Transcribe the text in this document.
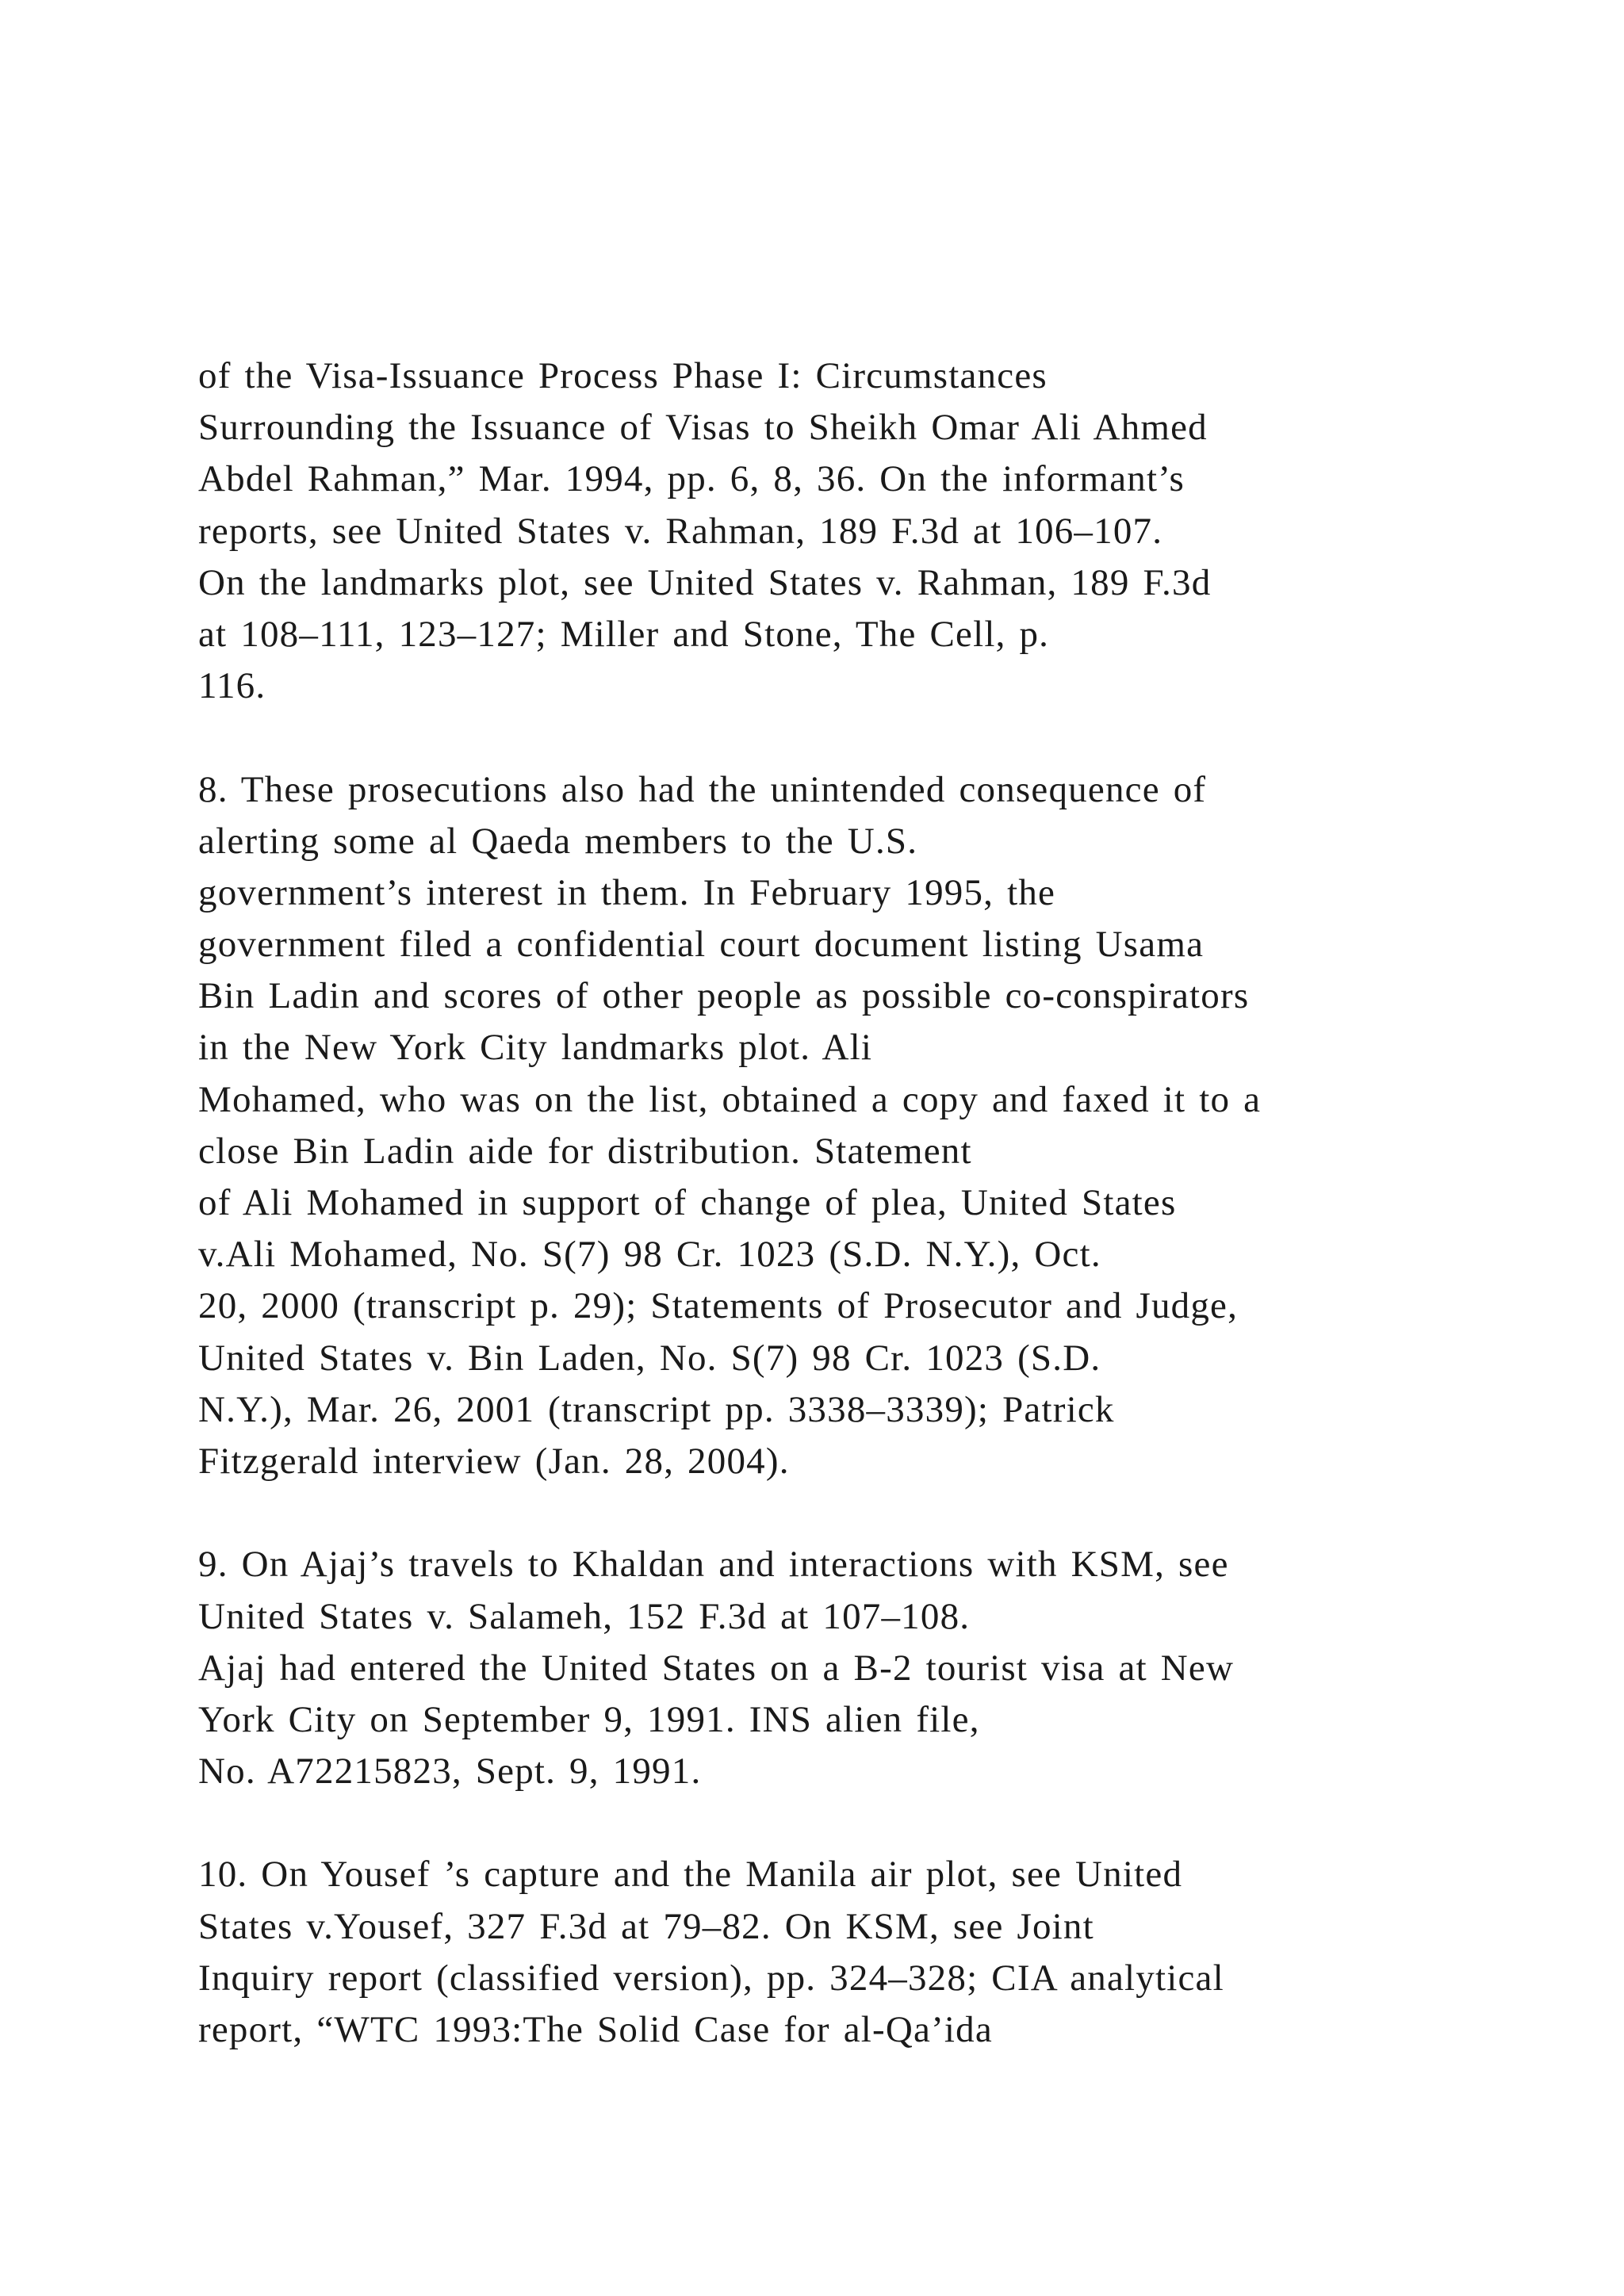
of the Visa-Issuance Process Phase I: Circumstances
Surrounding the Issuance of Visas to Sheikh Omar Ali Ahmed
Abdel Rahman,” Mar. 1994, pp. 6, 8, 36. On the informant’s
reports, see United States v. Rahman, 189 F.3d at 106–107.
On the landmarks plot, see United States v. Rahman, 189 F.3d
at 108–111, 123–127; Miller and Stone, The Cell, p.
116.
8. These prosecutions also had the unintended consequence of
alerting some al Qaeda members to the U.S.
government’s interest in them. In February 1995, the
government filed a confidential court document listing Usama
Bin Ladin and scores of other people as possible co-conspirators
in the New York City landmarks plot. Ali
Mohamed, who was on the list, obtained a copy and faxed it to a
close Bin Ladin aide for distribution. Statement
of Ali Mohamed in support of change of plea, United States
v.Ali Mohamed, No. S(7) 98 Cr. 1023 (S.D. N.Y.), Oct.
20, 2000 (transcript p. 29); Statements of Prosecutor and Judge,
United States v. Bin Laden, No. S(7) 98 Cr. 1023 (S.D.
N.Y.), Mar. 26, 2001 (transcript pp. 3338–3339); Patrick
Fitzgerald interview (Jan. 28, 2004).
9. On Ajaj’s travels to Khaldan and interactions with KSM, see
United States v. Salameh, 152 F.3d at 107–108.
Ajaj had entered the United States on a B-2 tourist visa at New
York City on September 9, 1991. INS alien file,
No. A72215823, Sept. 9, 1991.
10. On Yousef ’s capture and the Manila air plot, see United
States v.Yousef, 327 F.3d at 79–82. On KSM, see Joint
Inquiry report (classified version), pp. 324–328; CIA analytical
report, “WTC 1993:The Solid Case for al-Qa’ida
